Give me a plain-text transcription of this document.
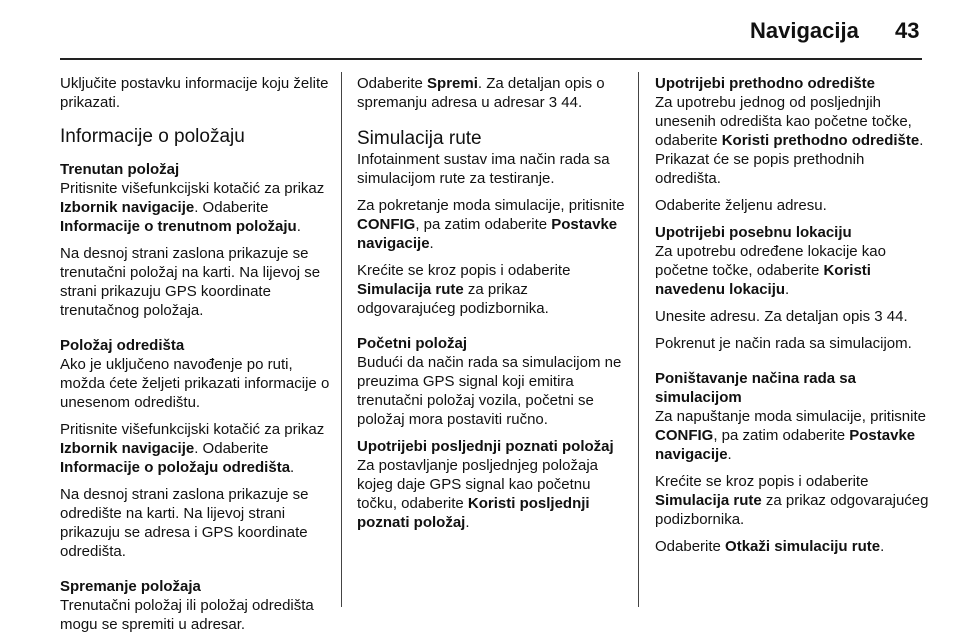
Navigacija 43

Uključite postavku informacije koju želite prikazati.

Informacije o položaju
Trenutan položaj

Pritisnite višefunkcijski kotačić za prikaz Izbornik navigacije. Odaberite Informacije o trenutnom položaju.

Na desnoj strani zaslona prikazuje se trenutačni položaj na karti. Na lijevoj se strani prikazuju GPS koordinate trenutačnog položaja.

Položaj odredišta

Ako je uključeno navođenje po ruti, možda ćete željeti prikazati informacije o unesenom odredištu.

Pritisnite višefunkcijski kotačić za prikaz Izbornik navigacije. Odaberite Informacije o položaju odredišta.

Na desnoj strani zaslona prikazuje se odredište na karti. Na lijevoj strani prikazuju se adresa i GPS koordinate odredišta.

Spremanje položaja

Trenutačni položaj ili položaj odredišta mogu se spremiti u adresar.

Odaberite Spremi. Za detaljan opis o spremanju adresa u adresar 3 44.

Simulacija rute

Infotainment sustav ima način rada sa simulacijom rute za testiranje.

Za pokretanje moda simulacije, pritisnite CONFIG, pa zatim odaberite Postavke navigacije.

Krećite se kroz popis i odaberite Simulacija rute za prikaz odgovarajućeg podizbornika.

Početni položaj

Budući da način rada sa simulacijom ne preuzima GPS signal koji emitira trenutačni položaj vozila, početni se položaj mora postaviti ručno.

Upotrijebi posljednji poznati položaj

Za postavljanje posljednjeg položaja kojeg daje GPS signal kao početnu točku, odaberite Koristi posljednji poznati položaj.

Upotrijebi prethodno odredište

Za upotrebu jednog od posljednjih unesenih odredišta kao početne točke, odaberite Koristi prethodno odredište. Prikazat će se popis prethodnih odredišta.

Odaberite željenu adresu.

Upotrijebi posebnu lokaciju

Za upotrebu određene lokacije kao početne točke, odaberite Koristi navedenu lokaciju.

Unesite adresu. Za detaljan opis 3 44.

Pokrenut je način rada sa simulacijom.

Poništavanje načina rada sa simulacijom

Za napuštanje moda simulacije, pritisnite CONFIG, pa zatim odaberite Postavke navigacije.

Krećite se kroz popis i odaberite Simulacija rute za prikaz odgovarajućeg podizbornika.

Odaberite Otkaži simulaciju rute.
